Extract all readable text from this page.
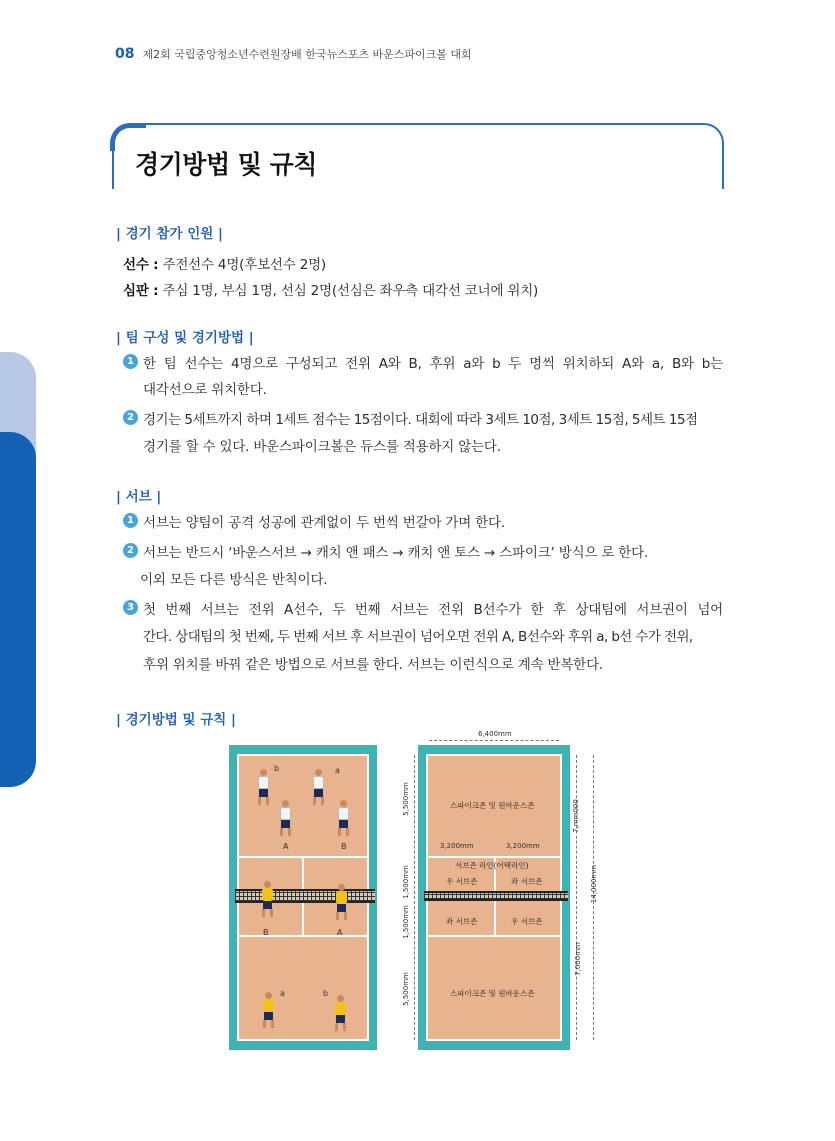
08 제2회 국립중앙청소년수련원장배 한국뉴스포츠 바운스파이크볼 대회
경기방법 및 규칙
| 경기 참가 인원 |
선수 : 주전선수 4명(후보선수 2명)
심판 : 주심 1명, 부심 1명, 선심 2명(선심은 좌우측 대각선 코너에 위치)
| 팀 구성 및 경기방법 |
1 한 팀 선수는 4명으로 구성되고 전위 A와 B, 후위 a와 b 두 명씩 위치하되 A와 a, B와 b는
대각선으로 위치한다.
2 경기는 5세트까지 하며 1세트 점수는 15점이다. 대회에 따라 3세트 10점, 3세트 15점, 5세트 15점
경기를 할 수 있다. 바운스파이크볼은 듀스를 적용하지 않는다.
| 서브 |
1 서브는 양팀이 공격 성공에 관계없이 두 번씩 번갈아 가며 한다.
2 서브는 반드시 ‘바운스서브 → 캐치 앤 패스 → 캐치 앤 토스 → 스파이크’ 방식으 로 한다.
이외 모든 다른 방식은 반칙이다.
3 첫 번째 서브는 전위 A선수, 두 번째 서브는 전위 B선수가 한 후 상대팀에 서브권이 넘어
간다. 상대팀의 첫 번째, 두 번째 서브 후 서브권이 넘어오면 전위 A, B선수와 후위 a, b선 수가 전위,
후위 위치를 바꿔 같은 방법으로 서브를 한다. 서브는 이런식으로 계속 반복한다.
| 경기방법 및 규칙 |
b	a
A	B
B	A
a	b
6,400mm
스파이크존 및 원바운스존
3,200mm	3,200mm
서브존 라인(어택라인)
우 서브존	좌 서브존
좌 서브존	우 서브존
스파이크존 및 원바운스존
5,500mm
1,500mm
1,500mm
5,500mm
7,mm000
14,000mm
7,000mm
